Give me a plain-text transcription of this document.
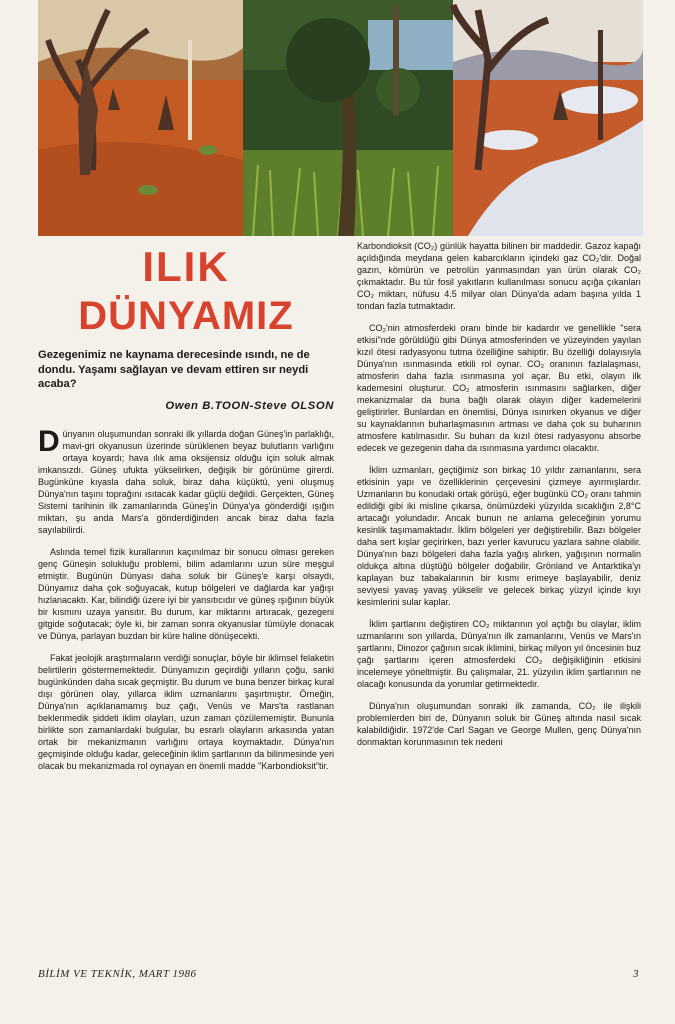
ILIK
DÜNYAMIZ
Gezegenimiz ne kaynama derecesinde ısındı, ne de dondu. Yaşamı sağlayan ve devam ettiren sır neydi acaba?
Owen B.TOON-Steve OLSON

Dünyanın oluşumundan sonraki ilk yıllarda doğan Güneş'in parlaklığı, mavi-gri okyanusun üzerinde sürüklenen beyaz bulutların varlığını ortaya koyardı; hava ılık ama oksijensiz olduğu için soluk almak imkansızdı. Güneş ufukta yükselirken, değişik bir görünüme girerdi. Bugünküne kıyasla daha soluk, biraz daha küçüktü, yeni oluşmuş Dünya'nın taşını toprağını ısıtacak kadar güçlü değildi. Gerçekten, Güneş Sistemi tarihinin ilk zamanlarında Güneş'in Dünya'ya gönderdiği ışığın miktarı, şu anda Mars'a gönderdiğinden ancak biraz daha fazla sayılabilirdi.

Aslında temel fizik kurallarının kaçınılmaz bir sonucu olması gereken genç Güneşin solukluğu problemi, bilim adamlarını uzun süre meşgul etmiştir. Bugünün Dünyası daha soluk bir Güneş'e karşı olsaydı, Dünyamız daha çok soğuyacak, kutup bölgeleri ve dağlarda kar yağışı hızlanacaktı. Kar, bilindiği üzere iyi bir yansıtıcıdır ve güneş ışığının büyük bir kısmını uzaya yansıtır. Bu durum, kar miktarını artıracak, gezegeni gitgide soğutacak; öyle ki, bir zaman sonra okyanuslar tümüyle donacak ve Dünya, parlayan buzdan bir küre haline dönüşecekti.

Fakat jeolojik araştırmaların verdiği sonuçlar, böyle bir iklimsel felaketin belirtilerin göstermemektedir. Dünyamızın geçirdiği yılların çoğu, sanki bugünkünden daha sıcak geçmiştir. Bu durum ve buna benzer birkaç kural dışı görünen olay, yıllarca iklim uzmanlarını şaşırtmıştır. Örneğin, Dünya'nın açıklanamamış buz çağı, Venüs ve Mars'ta rastlanan beklenmedik şiddeti iklim olayları, uzun zaman çözülememiştir. Bununla birlikte son zamanlardaki bulgular, bu esrarlı olayların arkasında yatan ortak bir mekanizmanın varlığını ortaya koymaktadır. Dünya'nın geçmişinde olduğu kadar, geleceğinin iklim şartlarının da bilinmesinde yeri olacak bu mekanizmada rol oynayan en önemli madde "Karbondioksit"tir.

Karbondioksit (CO₂) günlük hayatta bilinen bir maddedir. Gazoz kapağı açıldığında meydana gelen kabarcıkların içindeki gaz CO₂'dir. Doğal gazın, kömürün ve petrolün yanmasından yan ürün olarak CO₂ çıkmaktadır. Bu tür fosil yakıtların kullanılması sonucu açığa çıkanları CO₂ miktarı, nüfusu 4.5 milyar olan Dünya'da adam başına yılda 1 tondan fazla tutmaktadır.

CO₂'nin atmosferdeki oranı binde bir kadardır ve genellikle "sera etkisi"nde görüldüğü gibi Dünya atmosferinden ve yüzeyinden yayılan kızıl ötesi radyasyonu tutma özelliğine sahiptir. Bu özelliği dolayısıyla Dünya'nın ısınmasında etkili rol oynar. CO₂ oranının fazlalaşması, atmosferin daha fazla ısınmasına yol açar. Bu etki, olayın ilk kademesini oluşturur. CO₂ atmosferin ısınmasını sağlarken, diğer mekanizmalar da buna bağlı olarak olayın diğer kademelerini geliştirirler. Bunlardan en önemlisi, Dünya ısınırken okyanus ve diğer su kaynaklarının buharlaşmasının artması ve daha çok su buharının atmosfere katılmasıdır. Su buharı da kızıl ötesi radyasyonu absorbe edecek ve gezegenin daha da ısınmasına yardımcı olacaktır.

İklim uzmanları, geçtiğimiz son birkaç 10 yıldır zamanlarını, sera etkisinin yapı ve özelliklerinin çerçevesini çizmeye ayırmışlardır. Uzmanların bu konudaki ortak görüşü, eğer bugünkü CO₂ oranı tahmin edildiği gibi iki misline çıkarsa, önümüzdeki yüzyılda sıcaklığın 2,8°C artacağı yolundadır. Ancak bunun ne anlama geleceğinin yorumu kesinlik taşımamaktadır. İklim bölgeleri yer değiştirebilir. Bazı bölgeler daha sert kışlar geçirirken, bazı yerler kavurucu yazlara sahne olabilir. Dünya'nın bazı bölgeleri daha fazla yağış alırken, yağışının normalin oldukça altına düştüğü bölgeler doğabilir. Grönland ve Antarktika'yı kaplayan buz tabakalarının bir kısmı erimeye başlayabilir, deniz seviyesi yavaş yavaş yükselir ve gelecek birkaç yüzyıl içinde kıyı kesimlerini sular kaplar.

İklim şartlarını değiştiren CO₂ miktarının yol açtığı bu olaylar, iklim uzmanlarını son yıllarda, Dünya'nın ilk zamanlarını, Venüs ve Mars'ın şartlarını, Dinozor çağının sıcak iklimini, birkaç milyon yıl öncesinin buz çağı şartlarını içeren atmosferdeki CO₂ değişikliğinin etkisini incelemeye yöneltmiştir. Bu çalışmalar, 21. yüzyılın iklim şartlarının ne olacağı konusunda da yorumlar getirmektedir.

Dünya'nın oluşumundan sonraki ilk zamanda, CO₂ ile ilişkili problemlerden biri de, Dünyanın soluk bir Güneş altında nasıl sıcak kalabildiğidir. 1972'de Carl Sagan ve George Mullen, genç Dünya'nın donmaktan korunmasının tek nedeni

BİLİM VE TEKNİK, MART 1986	3
